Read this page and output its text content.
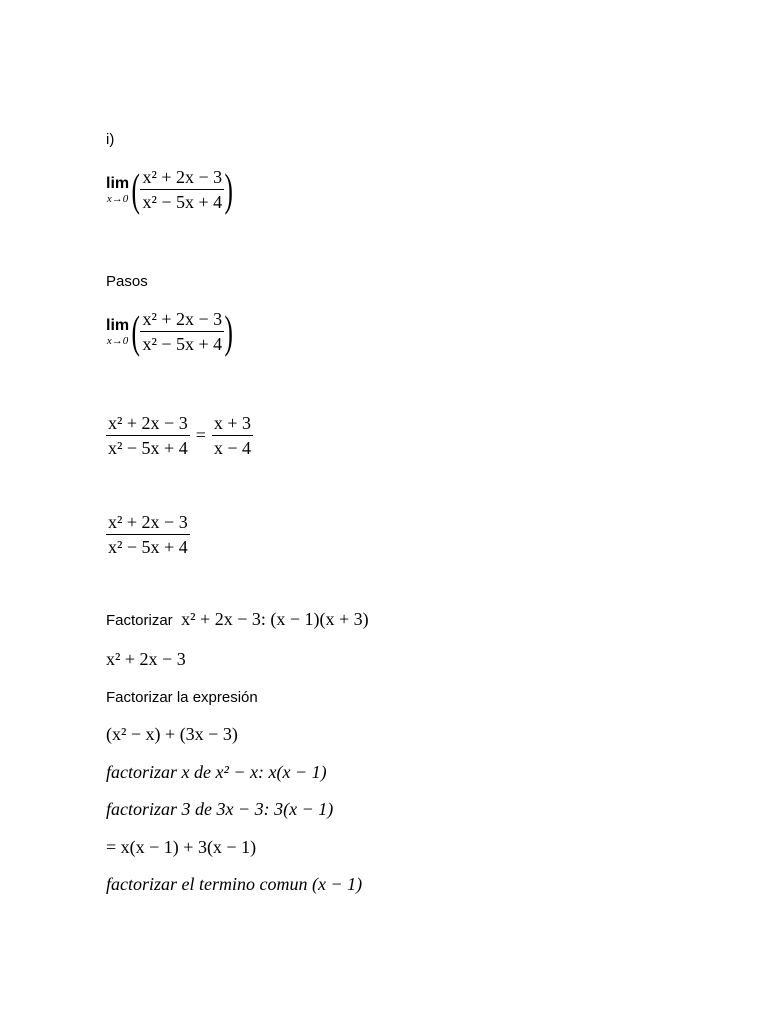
i)
lim
x→0 ( $\frac{\text{x² + 2x − 3}}{\text{x² − 5x + 4}}$ )
Pasos
lim
x→0 ( $\frac{\text{x² + 2x − 3}}{\text{x² − 5x + 4}}$ )
$\frac{\text{x² + 2x − 3}}{\text{x² − 5x + 4}} = \frac{x + 3}{x - 4}$
$\frac{\text{x² + 2x − 3}}{\text{x² − 5x + 4}}$
Factorizar x² + 2x − 3: (x − 1)(x + 3)
x² + 2x − 3
Factorizar la expresión
(x² − x) + (3x − 3)
factorizar x de x² − x: x(x − 1)
factorizar 3 de 3x − 3: 3(x − 1)
= x(x − 1) + 3(x − 1)
factorizar el termino comun (x − 1)
